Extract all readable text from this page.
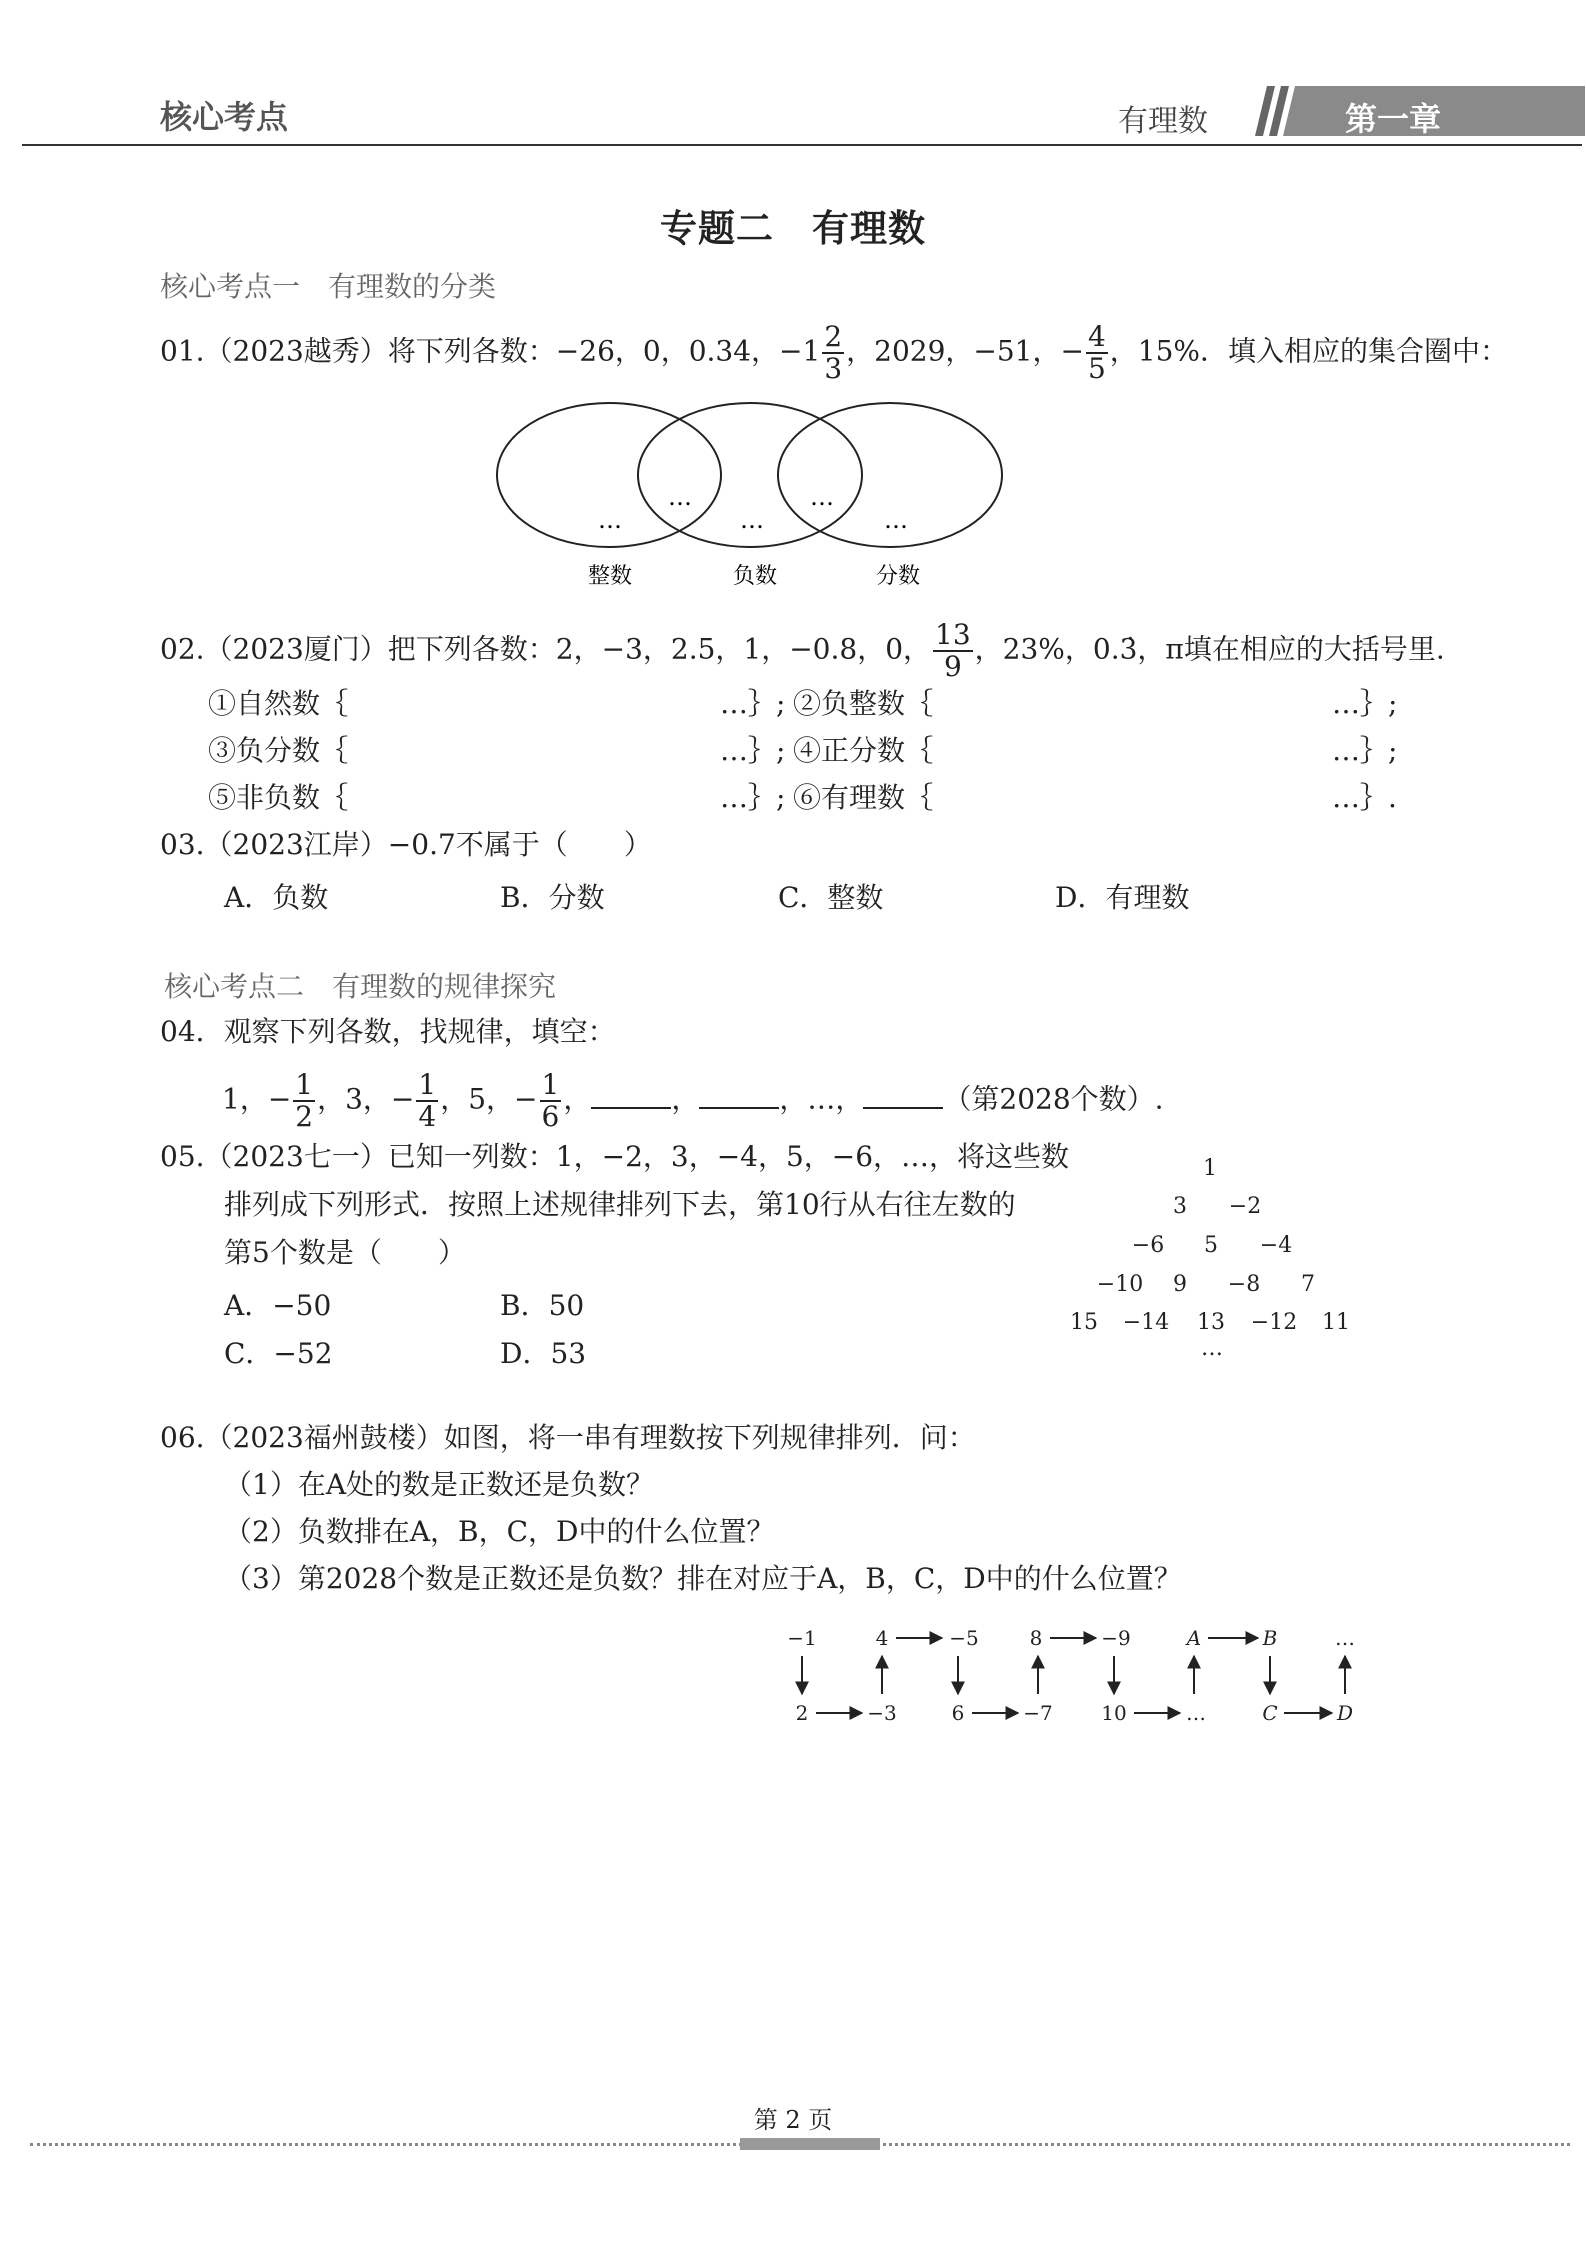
核心考点	有理数	第一章
专题二　有理数
核心考点一　有理数的分类
01.（2023越秀）将下列各数：−26，0，0.34，$-1 \frac{2}{3}$ ，2029，−51，− $\frac{4}{5}$ ，15%．填入相应的集合圈中：
…
…
…
…
…
整数	负数	分数
02.（2023厦门）把下列各数：2，−3，2.5，1，−0.8，0， $\frac{13}{9}$ ，23%，0.3̇，π填在相应的大括号里.
①自然数｛	…｝; ②负整数｛	…｝;
③负分数｛	…｝; ④正分数｛	…｝;
⑤非负数｛	…｝; ⑥有理数｛	…｝.
03.（2023江岸）−0.7不属于（　　）
A．负数	B．分数	C．整数	D．有理数
核心考点二　有理数的规律探究
04．观察下列各数，找规律，填空：
1，− $\frac{1}{2}$ ，3，− $\frac{1}{4}$ ，5，− $\frac{1}{6}$ ，	，	，…，	（第2028个数）.
05.（2023七一）已知一列数：1，−2，3，−4，5，−6，…，将这些数
排列成下列形式．按照上述规律排列下去，第10行从右往左数的
第5个数是（　　）
A．−50	B．50
C．−52	D．53
1
3	−2
−6	5	−4
−10	9	−8	7
15	−14	13	−12	11
…
06.（2023福州鼓楼）如图，将一串有理数按下列规律排列．问：
（1）在A处的数是正数还是负数？
（2）负数排在A，B，C，D中的什么位置？
（3）第2028个数是正数还是负数？排在对应于A，B，C，D中的什么位置？
−1	4	−5	8	−9	A	B	…
2	−3	6	−7 10	…	C	D
第 2 页
